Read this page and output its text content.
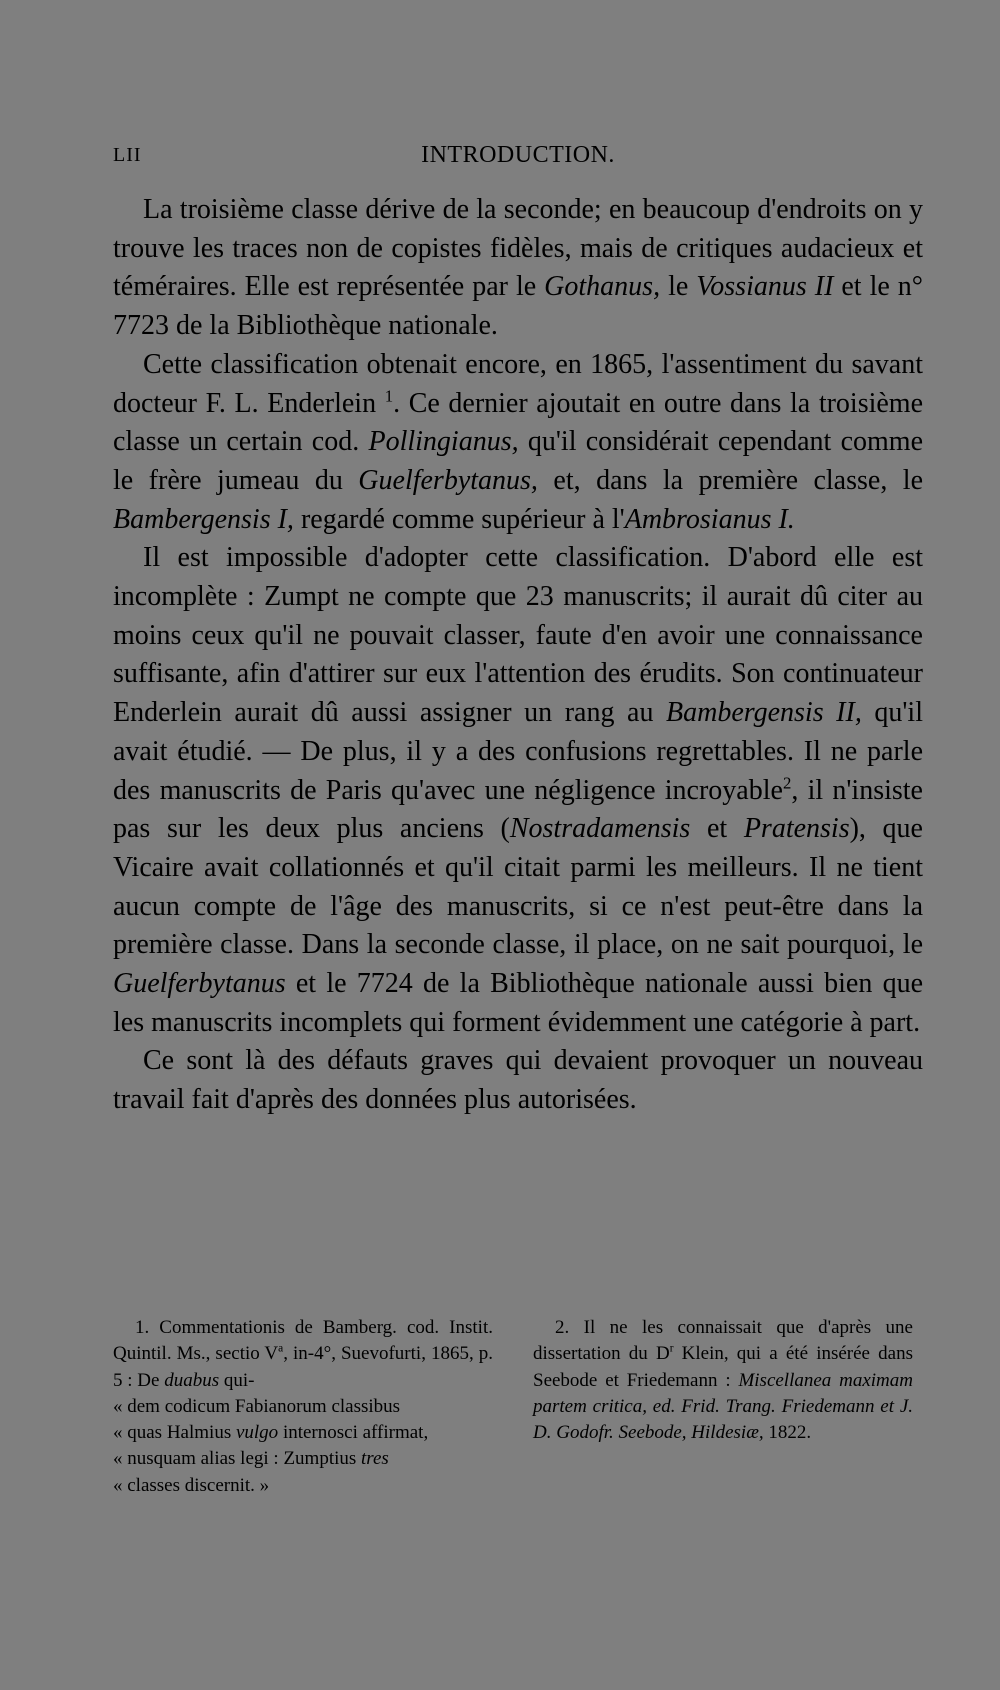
LII	INTRODUCTION.

La troisième classe dérive de la seconde; en beaucoup d'endroits on y trouve les traces non de copistes fidèles, mais de critiques audacieux et téméraires. Elle est représentée par le Gothanus, le Vossianus II et le n° 7723 de la Bibliothèque nationale.

Cette classification obtenait encore, en 1865, l'assentiment du savant docteur F. L. Enderlein $^1$. Ce dernier ajoutait en outre dans la troisième classe un certain cod. Pollingianus, qu'il considérait cependant comme le frère jumeau du Guelferbytanus, et, dans la première classe, le Bambergensis I, regardé comme supérieur à l'Ambrosianus I.

Il est impossible d'adopter cette classification. D'abord elle est incomplète : Zumpt ne compte que 23 manuscrits; il aurait dû citer au moins ceux qu'il ne pouvait classer, faute d'en avoir une connaissance suffisante, afin d'attirer sur eux l'attention des érudits. Son continuateur Enderlein aurait dû aussi assigner un rang au Bambergensis II, qu'il avait étudié. — De plus, il y a des confusions regrettables. Il ne parle des manuscrits de Paris qu'avec une négligence incroyable$^2$, il n'insiste pas sur les deux plus anciens (Nostradamensis et Pratensis), que Vicaire avait collationnés et qu'il citait parmi les meilleurs. Il ne tient aucun compte de l'âge des manuscrits, si ce n'est peut-être dans la première classe. Dans la seconde classe, il place, on ne sait pourquoi, le Guelferbytanus et le 7724 de la Bibliothèque nationale aussi bien que les manuscrits incomplets qui forment évidemment une catégorie à part.

Ce sont là des défauts graves qui devaient provoquer un nouveau travail fait d'après des données plus autorisées.

1. Commentationis de Bamberg. cod. Instit. Quintil. Ms., sectio $V^a$, in-4°, Suevofurti, 1865, p. 5 : De duabus qui-
« dem codicum Fabianorum classibus
« quas Halmius vulgo internosci affirmat,
« nusquam alias legi : Zumptius tres
« classes discernit. »

2. Il ne les connaissait que d'après une dissertation du $D^r$ Klein, qui a été insérée dans Seebode et Friedemann : Miscellanea maximam partem critica, ed. Frid. Trang. Friedemann et J. D. Godofr. Seebode, Hildesiæ, 1822.
